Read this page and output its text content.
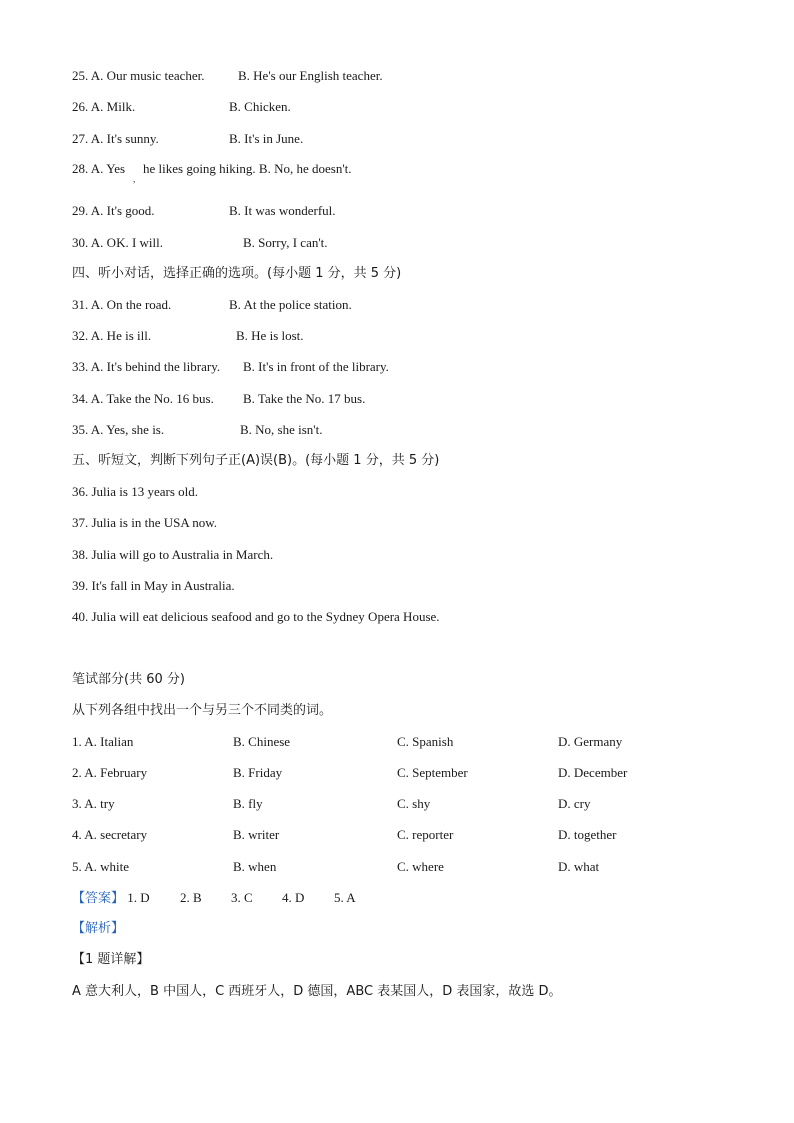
25. A. Our music teacher.	B. He's our English teacher.
26. A. Milk.	B. Chicken.
27. A. It's sunny.	B. It's in June.
28. A. Yes
,
he likes going hiking. B. No, he doesn't.
29. A. It's good.	B. It was wonderful.
30. A. OK. I will.	B. Sorry, I can't.
四、听小对话，选择正确的选项。(每小题 1 分，共 5 分)
31. A. On the road.	B. At the police station.
32. A. He is ill.	B. He is lost.
33. A. It's behind the library. B. It's in front of the library.
34. A. Take the No. 16 bus. B. Take the No. 17 bus.
35. A. Yes, she is.	B. No, she isn't.
五、听短文，判断下列句子正(A)误(B)。(每小题 1 分，共 5 分)
36. Julia is 13 years old.
37. Julia is in the USA now.
38. Julia will go to Australia in March.
39. It's fall in May in Australia.
40. Julia will eat delicious seafood and go to the Sydney Opera House.
笔试部分(共 60 分)
从下列各组中找出一个与另三个不同类的词。
1. A. Italian	B. Chinese	C. Spanish	D. Germany
2. A. February	B. Friday	C. September	D. December
3. A. try	B. fly	C. shy	D. cry
4. A. secretary	B. writer	C. reporter	D. together
5. A. white	B. when	C. where	D. what
【答案】 1. D 2. B 3. C 4. D 5. A
【解析】
【1 题详解】
A 意大利人，B 中国人，C 西班牙人，D 德国，ABC 表某国人，D 表国家，故选 D。
